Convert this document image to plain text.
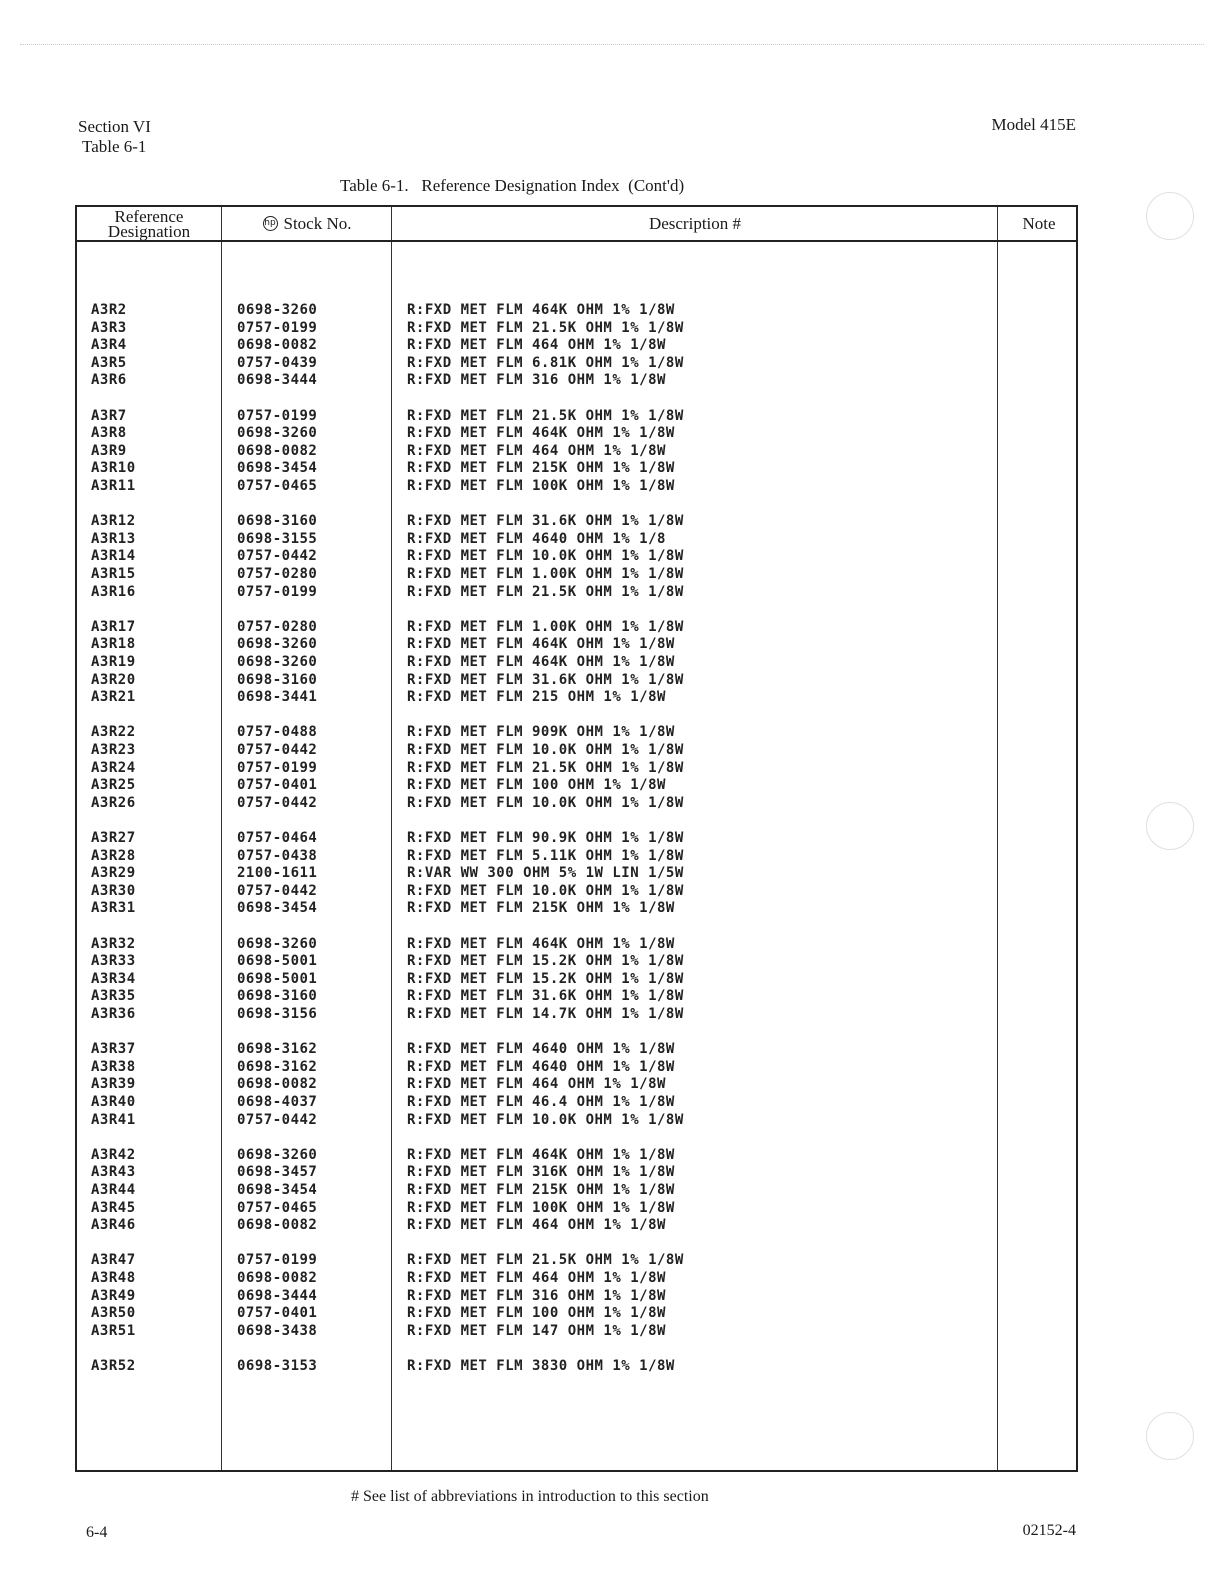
Section VI
Table 6-1
Model 415E
Table 6-1.   Reference Designation Index  (Cont'd)
Reference
Designation	hp Stock No.	Description #	Note
A3R2	0698-3260	R:FXD MET FLM 464K OHM 1% 1/8W
A3R3	0757-0199	R:FXD MET FLM 21.5K OHM 1% 1/8W
A3R4	0698-0082	R:FXD MET FLM 464 OHM 1% 1/8W
A3R5	0757-0439	R:FXD MET FLM 6.81K OHM 1% 1/8W
A3R6	0698-3444	R:FXD MET FLM 316 OHM 1% 1/8W
A3R7	0757-0199	R:FXD MET FLM 21.5K OHM 1% 1/8W
A3R8	0698-3260	R:FXD MET FLM 464K OHM 1% 1/8W
A3R9	0698-0082	R:FXD MET FLM 464 OHM 1% 1/8W
A3R10	0698-3454	R:FXD MET FLM 215K OHM 1% 1/8W
A3R11	0757-0465	R:FXD MET FLM 100K OHM 1% 1/8W
A3R12	0698-3160	R:FXD MET FLM 31.6K OHM 1% 1/8W
A3R13	0698-3155	R:FXD MET FLM 4640 OHM 1% 1/8
A3R14	0757-0442	R:FXD MET FLM 10.0K OHM 1% 1/8W
A3R15	0757-0280	R:FXD MET FLM 1.00K OHM 1% 1/8W
A3R16	0757-0199	R:FXD MET FLM 21.5K OHM 1% 1/8W
A3R17	0757-0280	R:FXD MET FLM 1.00K OHM 1% 1/8W
A3R18	0698-3260	R:FXD MET FLM 464K OHM 1% 1/8W
A3R19	0698-3260	R:FXD MET FLM 464K OHM 1% 1/8W
A3R20	0698-3160	R:FXD MET FLM 31.6K OHM 1% 1/8W
A3R21	0698-3441	R:FXD MET FLM 215 OHM 1% 1/8W
A3R22	0757-0488	R:FXD MET FLM 909K OHM 1% 1/8W
A3R23	0757-0442	R:FXD MET FLM 10.0K OHM 1% 1/8W
A3R24	0757-0199	R:FXD MET FLM 21.5K OHM 1% 1/8W
A3R25	0757-0401	R:FXD MET FLM 100 OHM 1% 1/8W
A3R26	0757-0442	R:FXD MET FLM 10.0K OHM 1% 1/8W
A3R27	0757-0464	R:FXD MET FLM 90.9K OHM 1% 1/8W
A3R28	0757-0438	R:FXD MET FLM 5.11K OHM 1% 1/8W
A3R29	2100-1611	R:VAR WW 300 OHM 5% 1W LIN 1/5W
A3R30	0757-0442	R:FXD MET FLM 10.0K OHM 1% 1/8W
A3R31	0698-3454	R:FXD MET FLM 215K OHM 1% 1/8W
A3R32	0698-3260	R:FXD MET FLM 464K OHM 1% 1/8W
A3R33	0698-5001	R:FXD MET FLM 15.2K OHM 1% 1/8W
A3R34	0698-5001	R:FXD MET FLM 15.2K OHM 1% 1/8W
A3R35	0698-3160	R:FXD MET FLM 31.6K OHM 1% 1/8W
A3R36	0698-3156	R:FXD MET FLM 14.7K OHM 1% 1/8W
A3R37	0698-3162	R:FXD MET FLM 4640 OHM 1% 1/8W
A3R38	0698-3162	R:FXD MET FLM 4640 OHM 1% 1/8W
A3R39	0698-0082	R:FXD MET FLM 464 OHM 1% 1/8W
A3R40	0698-4037	R:FXD MET FLM 46.4 OHM 1% 1/8W
A3R41	0757-0442	R:FXD MET FLM 10.0K OHM 1% 1/8W
A3R42	0698-3260	R:FXD MET FLM 464K OHM 1% 1/8W
A3R43	0698-3457	R:FXD MET FLM 316K OHM 1% 1/8W
A3R44	0698-3454	R:FXD MET FLM 215K OHM 1% 1/8W
A3R45	0757-0465	R:FXD MET FLM 100K OHM 1% 1/8W
A3R46	0698-0082	R:FXD MET FLM 464 OHM 1% 1/8W
A3R47	0757-0199	R:FXD MET FLM 21.5K OHM 1% 1/8W
A3R48	0698-0082	R:FXD MET FLM 464 OHM 1% 1/8W
A3R49	0698-3444	R:FXD MET FLM 316 OHM 1% 1/8W
A3R50	0757-0401	R:FXD MET FLM 100 OHM 1% 1/8W
A3R51	0698-3438	R:FXD MET FLM 147 OHM 1% 1/8W
A3R52	0698-3153	R:FXD MET FLM 3830 OHM 1% 1/8W
# See list of abbreviations in introduction to this section
6-4	02152-4
